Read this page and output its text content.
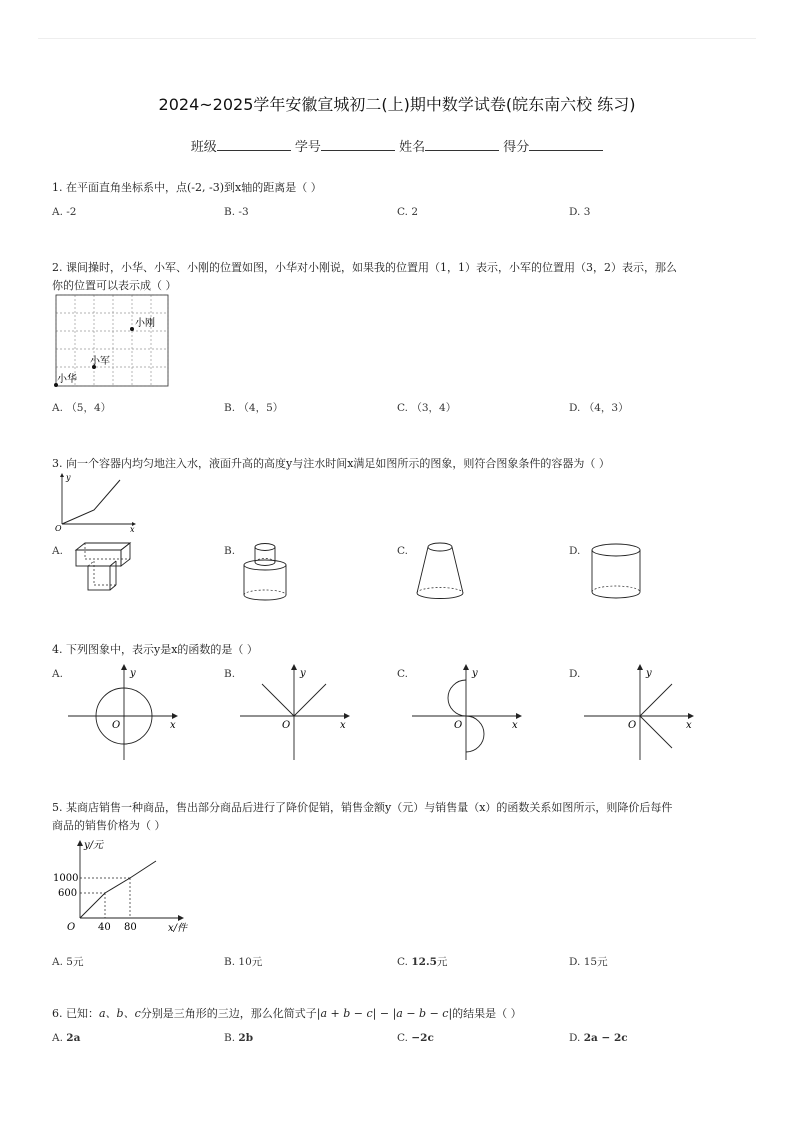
2024~2025学年安徽宣城初二(上)期中数学试卷(皖东南六校 练习)
班级	学号	姓名	得分
1. 在平面直角坐标系中，点(-2, -3)到x轴的距离是（ ）
A. -2	B. -3	C. 2	D. 3
2. 课间操时，小华、小军、小刚的位置如图，小华对小刚说，如果我的位置用（1，1）表示，小军的位置用（3，2）表示，那么
你的位置可以表示成（ ）
小刚
小军
小华
A. （5，4）	B. （4，5）	C. （3，4）	D. （4，3）
3. 向一个容器内均匀地注入水，液面升高的高度y与注水时间x满足如图所示的图象，则符合图象条件的容器为（ ）
y
x
O
A.	B.	C.	D.
4. 下列图象中，表示y是x的函数的是（ ）
A.	y
x
O
B.	y
x
O
C.	y
x
O
D.	y
x
O
5. 某商店销售一种商品，售出部分商品后进行了降价促销，销售金额y（元）与销售量（x）的函数关系如图所示，则降价后每件
商品的销售价格为（ ）
y/元
x/件
O
1000
600
40 80
A. 5元	B. 10元	C. 12.5元	D. 15元
6. 已知：a、b、c分别是三角形的三边，那么化简式子|a + b − c| − |a − b − c|的结果是（ ）
A. 2a	B. 2b	C. −2c	D. 2a − 2c
